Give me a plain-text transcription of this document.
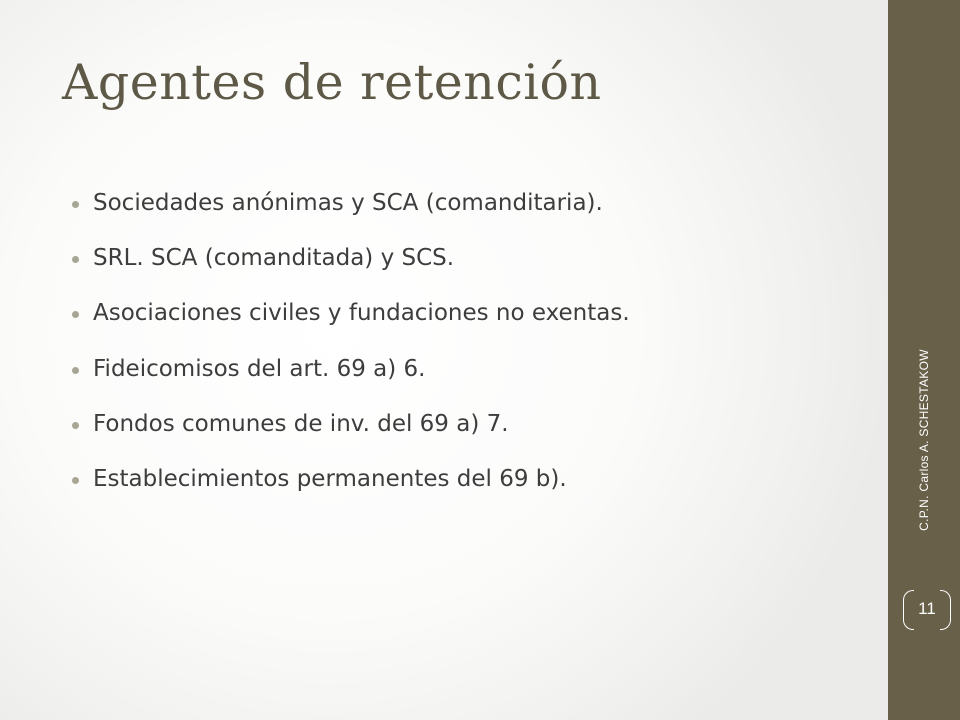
Agentes de retención
Sociedades anónimas y SCA (comanditaria).
SRL. SCA (comanditada) y SCS.
Asociaciones civiles y fundaciones no exentas.
Fideicomisos del art. 69 a) 6.
Fondos comunes de inv. del 69 a) 7.
Establecimientos permanentes del 69 b).	C.P.N. Carlos A. SCHESTAKOW
11
